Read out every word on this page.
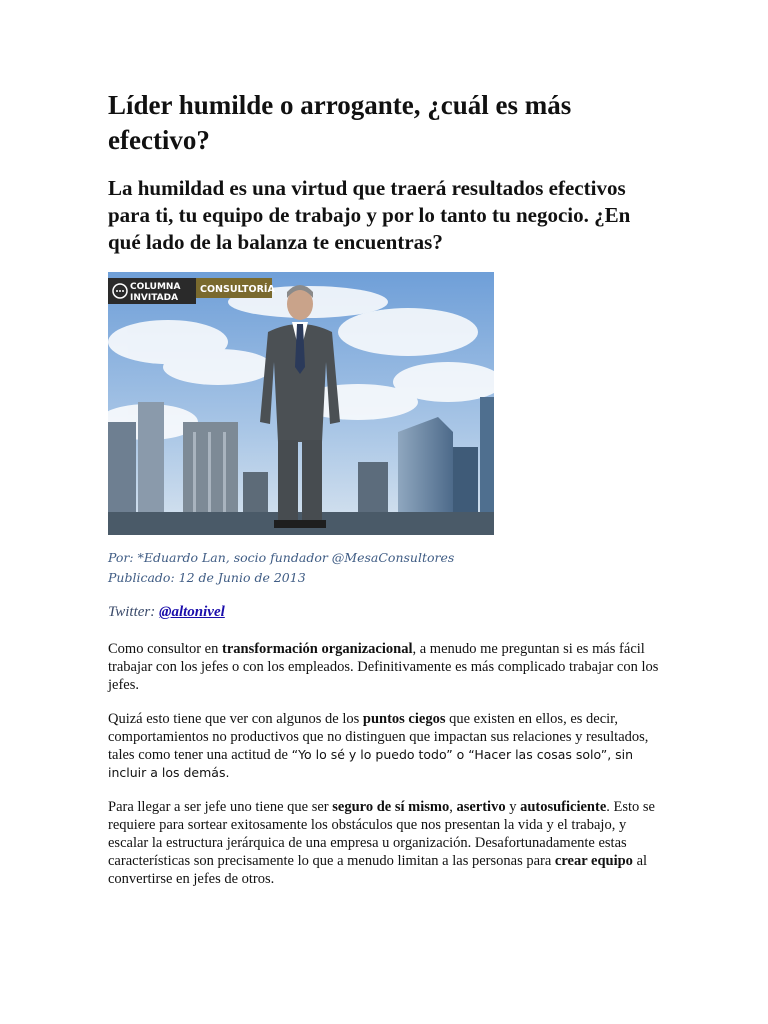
Líder humilde o arrogante, ¿cuál es más efectivo?
La humildad es una virtud que traerá resultados efectivos para ti, tu equipo de trabajo y por lo tanto tu negocio. ¿En qué lado de la balanza te encuentras?
COLUMNA
INVITADA
CONSULTORÍA
Por: *Eduardo Lan, socio fundador @MesaConsultores
Publicado: 12 de Junio de 2013
Twitter: @altonivel

Como consultor en transformación organizacional, a menudo me preguntan si es más fácil trabajar con los jefes o con los empleados. Definitivamente es más complicado trabajar con los jefes.

Quizá esto tiene que ver con algunos de los puntos ciegos que existen en ellos, es decir, comportamientos no productivos que no distinguen que impactan sus relaciones y resultados, tales como tener una actitud de “Yo lo sé y lo puedo todo” o “Hacer las cosas solo”, sin incluir a los demás.

Para llegar a ser jefe uno tiene que ser seguro de sí mismo, asertivo y autosuficiente. Esto se requiere para sortear exitosamente los obstáculos que nos presentan la vida y el trabajo, y escalar la estructura jerárquica de una empresa u organización. Desafortunadamente estas características son precisamente lo que a menudo limitan a las personas para crear equipo al convertirse en jefes de otros.
